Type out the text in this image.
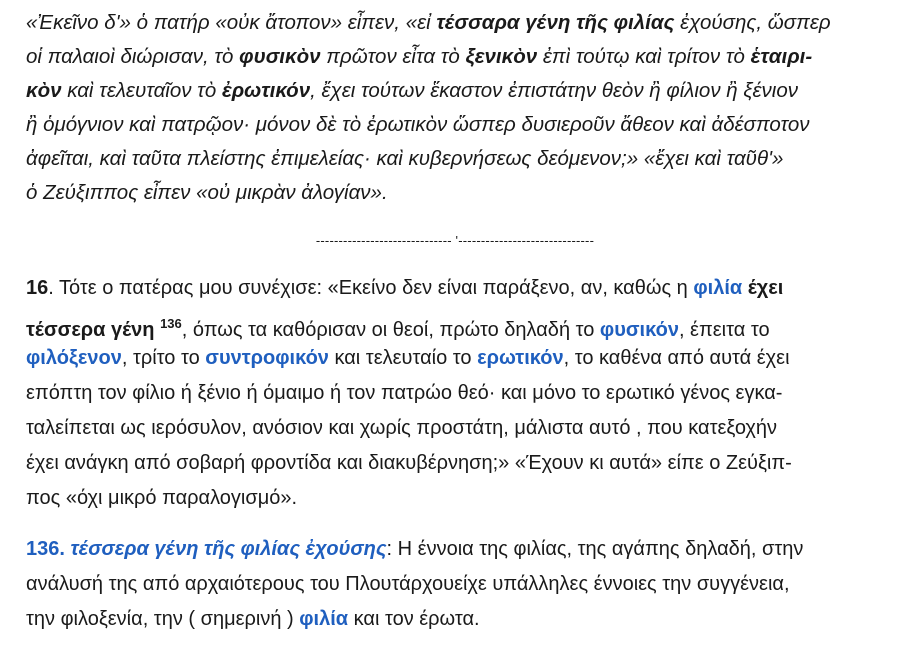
«Ἐκεῖνο δ'» ὁ πατήρ «οὐκ ἄτοπον» εἶπεν, «εἰ τέσσαρα γένη τῆς φιλίας ἐχούσης, ὥσπερ
οἱ παλαιοὶ διώρισαν, τὸ φυσικὸν πρῶτον εἶτα τὸ ξενικὸν ἐπὶ τούτῳ καὶ τρίτον τὸ ἑταιρι-
κὸν καὶ τελευταῖον τὸ ἐρωτικόν, ἔχει τούτων ἕκαστον ἐπιστάτην θεὸν ἢ φίλιον ἢ ξένιον
ἢ ὁμόγνιον καὶ πατρῷον· μόνον δὲ τὸ ἐρωτικὸν ὥσπερ δυσιεροῦν ἄθεον καὶ ἀδέσποτον
ἀφεῖται, καὶ ταῦτα πλείστης ἐπιμελείας· καὶ κυβερνήσεως δεόμενον;» «ἔχει καὶ ταῦθ'»
ὁ Ζεύξιππος εἶπεν «οὐ μικρὰν ἀλογίαν».

------------------------------ '------------------------------

16. Τότε ο πατέρας μου συνέχισε: «Εκείνο δεν είναι παράξενο, αν, καθώς η φιλία έχει
τέσσερα γένη $^{136}$, όπως τα καθόρισαν οι θεοί, πρώτο δηλαδή το φυσικόν, έπειτα το
φιλόξενον, τρίτο το συντροφικόν και τελευταίο το ερωτικόν, το καθένα από αυτά έχει
επόπτη τον φίλιο ή ξένιο ή όμαιμο ή τον πατρώο θεό· και μόνο το ερωτικό γένος εγκα-
ταλείπεται ως ιερόσυλον, ανόσιον και χωρίς προστάτη, μάλιστα αυτό , που κατεξοχήν
έχει ανάγκη από σοβαρή φροντίδα και διακυβέρνηση;» «Έχουν κι αυτά» είπε ο Ζεύξιπ-
πος «όχι μικρό παραλογισμό».

136. τέσσερα γένη τῆς φιλίας ἐχούσης: Η έννοια της φιλίας, της αγάπης δηλαδή, στην
ανάλυσή της από αρχαιότερους του Πλουτάρχουείχε υπάλληλες έννοιες την συγγένεια,
την φιλοξενία, την ( σημερινή ) φιλία και τον έρωτα.
